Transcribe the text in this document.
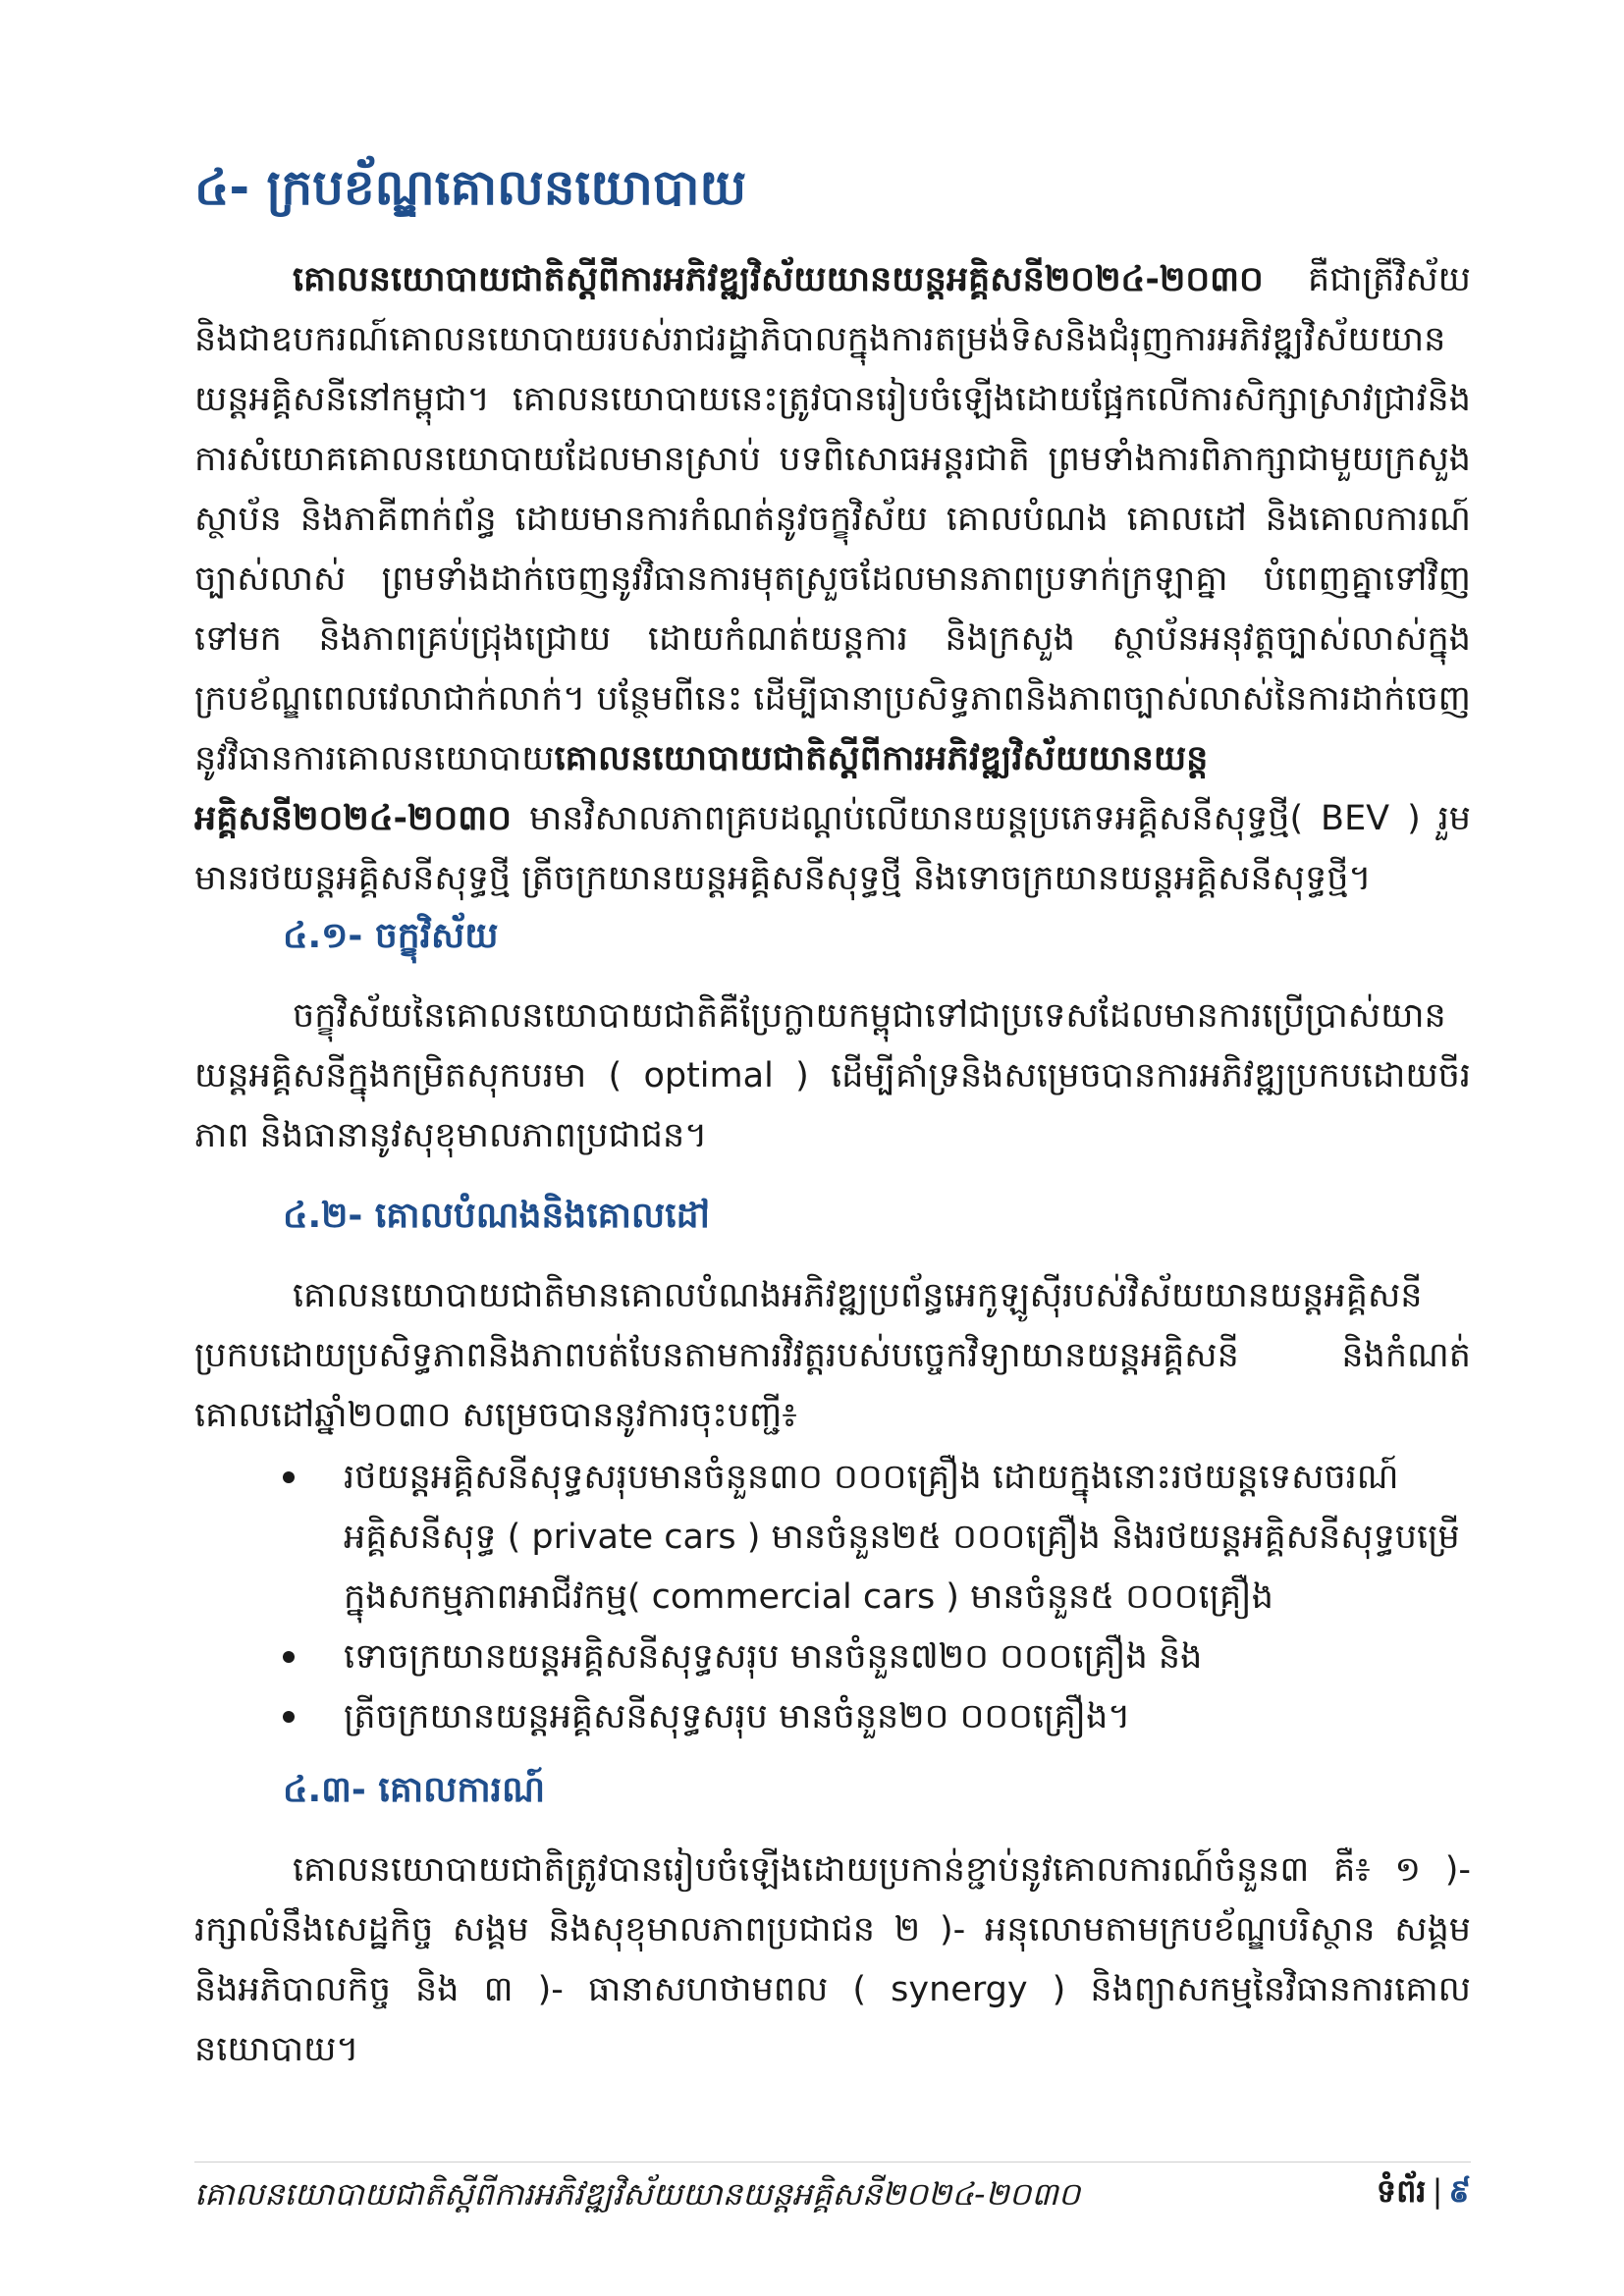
៤- ក្របខ័ណ្ឌគោលនយោបាយ

គោលនយោបាយជាតិស្តីពីការអភិវឌ្ឍវិស័យយានយន្តអគ្គិសនី២០២៤-២០៣០ គឺជាត្រីវិស័យនិងជាឧបករណ៍គោលនយោបាយរបស់រាជរដ្ឋាភិបាលក្នុងការតម្រង់ទិសនិងជំរុញការអភិវឌ្ឍវិស័យយានយន្តអគ្គិសនីនៅកម្ពុជា។ គោលនយោបាយនេះត្រូវបានរៀបចំឡើងដោយផ្អែកលើការសិក្សាស្រាវជ្រាវនិងការសំយោគគោលនយោបាយដែលមានស្រាប់ បទពិសោធអន្តរជាតិ ព្រមទាំងការពិភាក្សាជាមួយក្រសួង ស្ថាប័ន និងភាគីពាក់ព័ន្ធ ដោយមានការកំណត់នូវចក្ខុវិស័យ គោលបំណង គោលដៅ និងគោលការណ៍ច្បាស់លាស់ ព្រមទាំងដាក់ចេញនូវវិធានការមុតស្រួចដែលមានភាពប្រទាក់ក្រឡាគ្នា បំពេញគ្នាទៅវិញទៅមក និងភាពគ្រប់ជ្រុងជ្រោយ ដោយកំណត់យន្តការ និងក្រសួង ស្ថាប័នអនុវត្តច្បាស់លាស់ក្នុងក្របខ័ណ្ឌពេលវេលាជាក់លាក់។ បន្ថែមពីនេះ ដើម្បីធានាប្រសិទ្ធភាពនិងភាពច្បាស់លាស់នៃការដាក់ចេញនូវវិធានការគោលនយោបាយគោលនយោបាយជាតិស្តីពីការអភិវឌ្ឍវិស័យយានយន្តអគ្គិសនី២០២៤-២០៣០ មានវិសាលភាពគ្របដណ្តប់លើយានយន្តប្រភេទអគ្គិសនីសុទ្ធថ្មី( BEV ) រួមមានរថយន្តអគ្គិសនីសុទ្ធថ្មី ត្រីចក្រយានយន្តអគ្គិសនីសុទ្ធថ្មី និងទោចក្រយានយន្តអគ្គិសនីសុទ្ធថ្មី។

៤.១- ចក្ខុវិស័យ

ចក្ខុវិស័យនៃគោលនយោបាយជាតិគឺប្រែក្លាយកម្ពុជាទៅជាប្រទេសដែលមានការប្រើប្រាស់យានយន្តអគ្គិសនីក្នុងកម្រិតសុកបរមា ( optimal ) ដើម្បីគាំទ្រនិងសម្រេចបានការអភិវឌ្ឍប្រកបដោយចីរភាព និងធានានូវសុខុមាលភាពប្រជាជន។

៤.២- គោលបំណងនិងគោលដៅ

គោលនយោបាយជាតិមានគោលបំណងអភិវឌ្ឍប្រព័ន្ធអេកូឡូស៊ីរបស់វិស័យយានយន្តអគ្គិសនីប្រកបដោយប្រសិទ្ធភាពនិងភាពបត់បែនតាមការវិវត្តរបស់បច្ចេកវិទ្យាយានយន្តអគ្គិសនី និងកំណត់គោលដៅឆ្នាំ២០៣០ សម្រេចបាននូវការចុះបញ្ជី៖

រថយន្តអគ្គិសនីសុទ្ធសរុបមានចំនួន៣០ ០០០គ្រឿង ដោយក្នុងនោះរថយន្តទេសចរណ៍អគ្គិសនីសុទ្ធ ( private cars ) មានចំនួន២៥ ០០០គ្រឿង និងរថយន្តអគ្គិសនីសុទ្ធបម្រើក្នុងសកម្មភាពអាជីវកម្ម( commercial cars ) មានចំនួន៥ ០០០គ្រឿង
ទោចក្រយានយន្តអគ្គិសនីសុទ្ធសរុប មានចំនួន៧២០ ០០០គ្រឿង និង
ត្រីចក្រយានយន្តអគ្គិសនីសុទ្ធសរុប មានចំនួន២០ ០០០គ្រឿង។
៤.៣- គោលការណ៍

គោលនយោបាយជាតិត្រូវបានរៀបចំឡើងដោយប្រកាន់ខ្ជាប់នូវគោលការណ៍ចំនួន៣ គឺ៖ ១ )- រក្សាលំនឹងសេដ្ឋកិច្ច សង្គម និងសុខុមាលភាពប្រជាជន ២ )- អនុលោមតាមក្របខ័ណ្ឌបរិស្ថាន សង្គម និងអភិបាលកិច្ច និង ៣ )- ធានាសហថាមពល ( synergy ) និងព្យាសកម្មនៃវិធានការគោលនយោបាយ។

គោលនយោបាយជាតិស្តីពីការអភិវឌ្ឍវិស័យយានយន្តអគ្គិសនី២០២៤-២០៣០	ទំព័រ | ៩
